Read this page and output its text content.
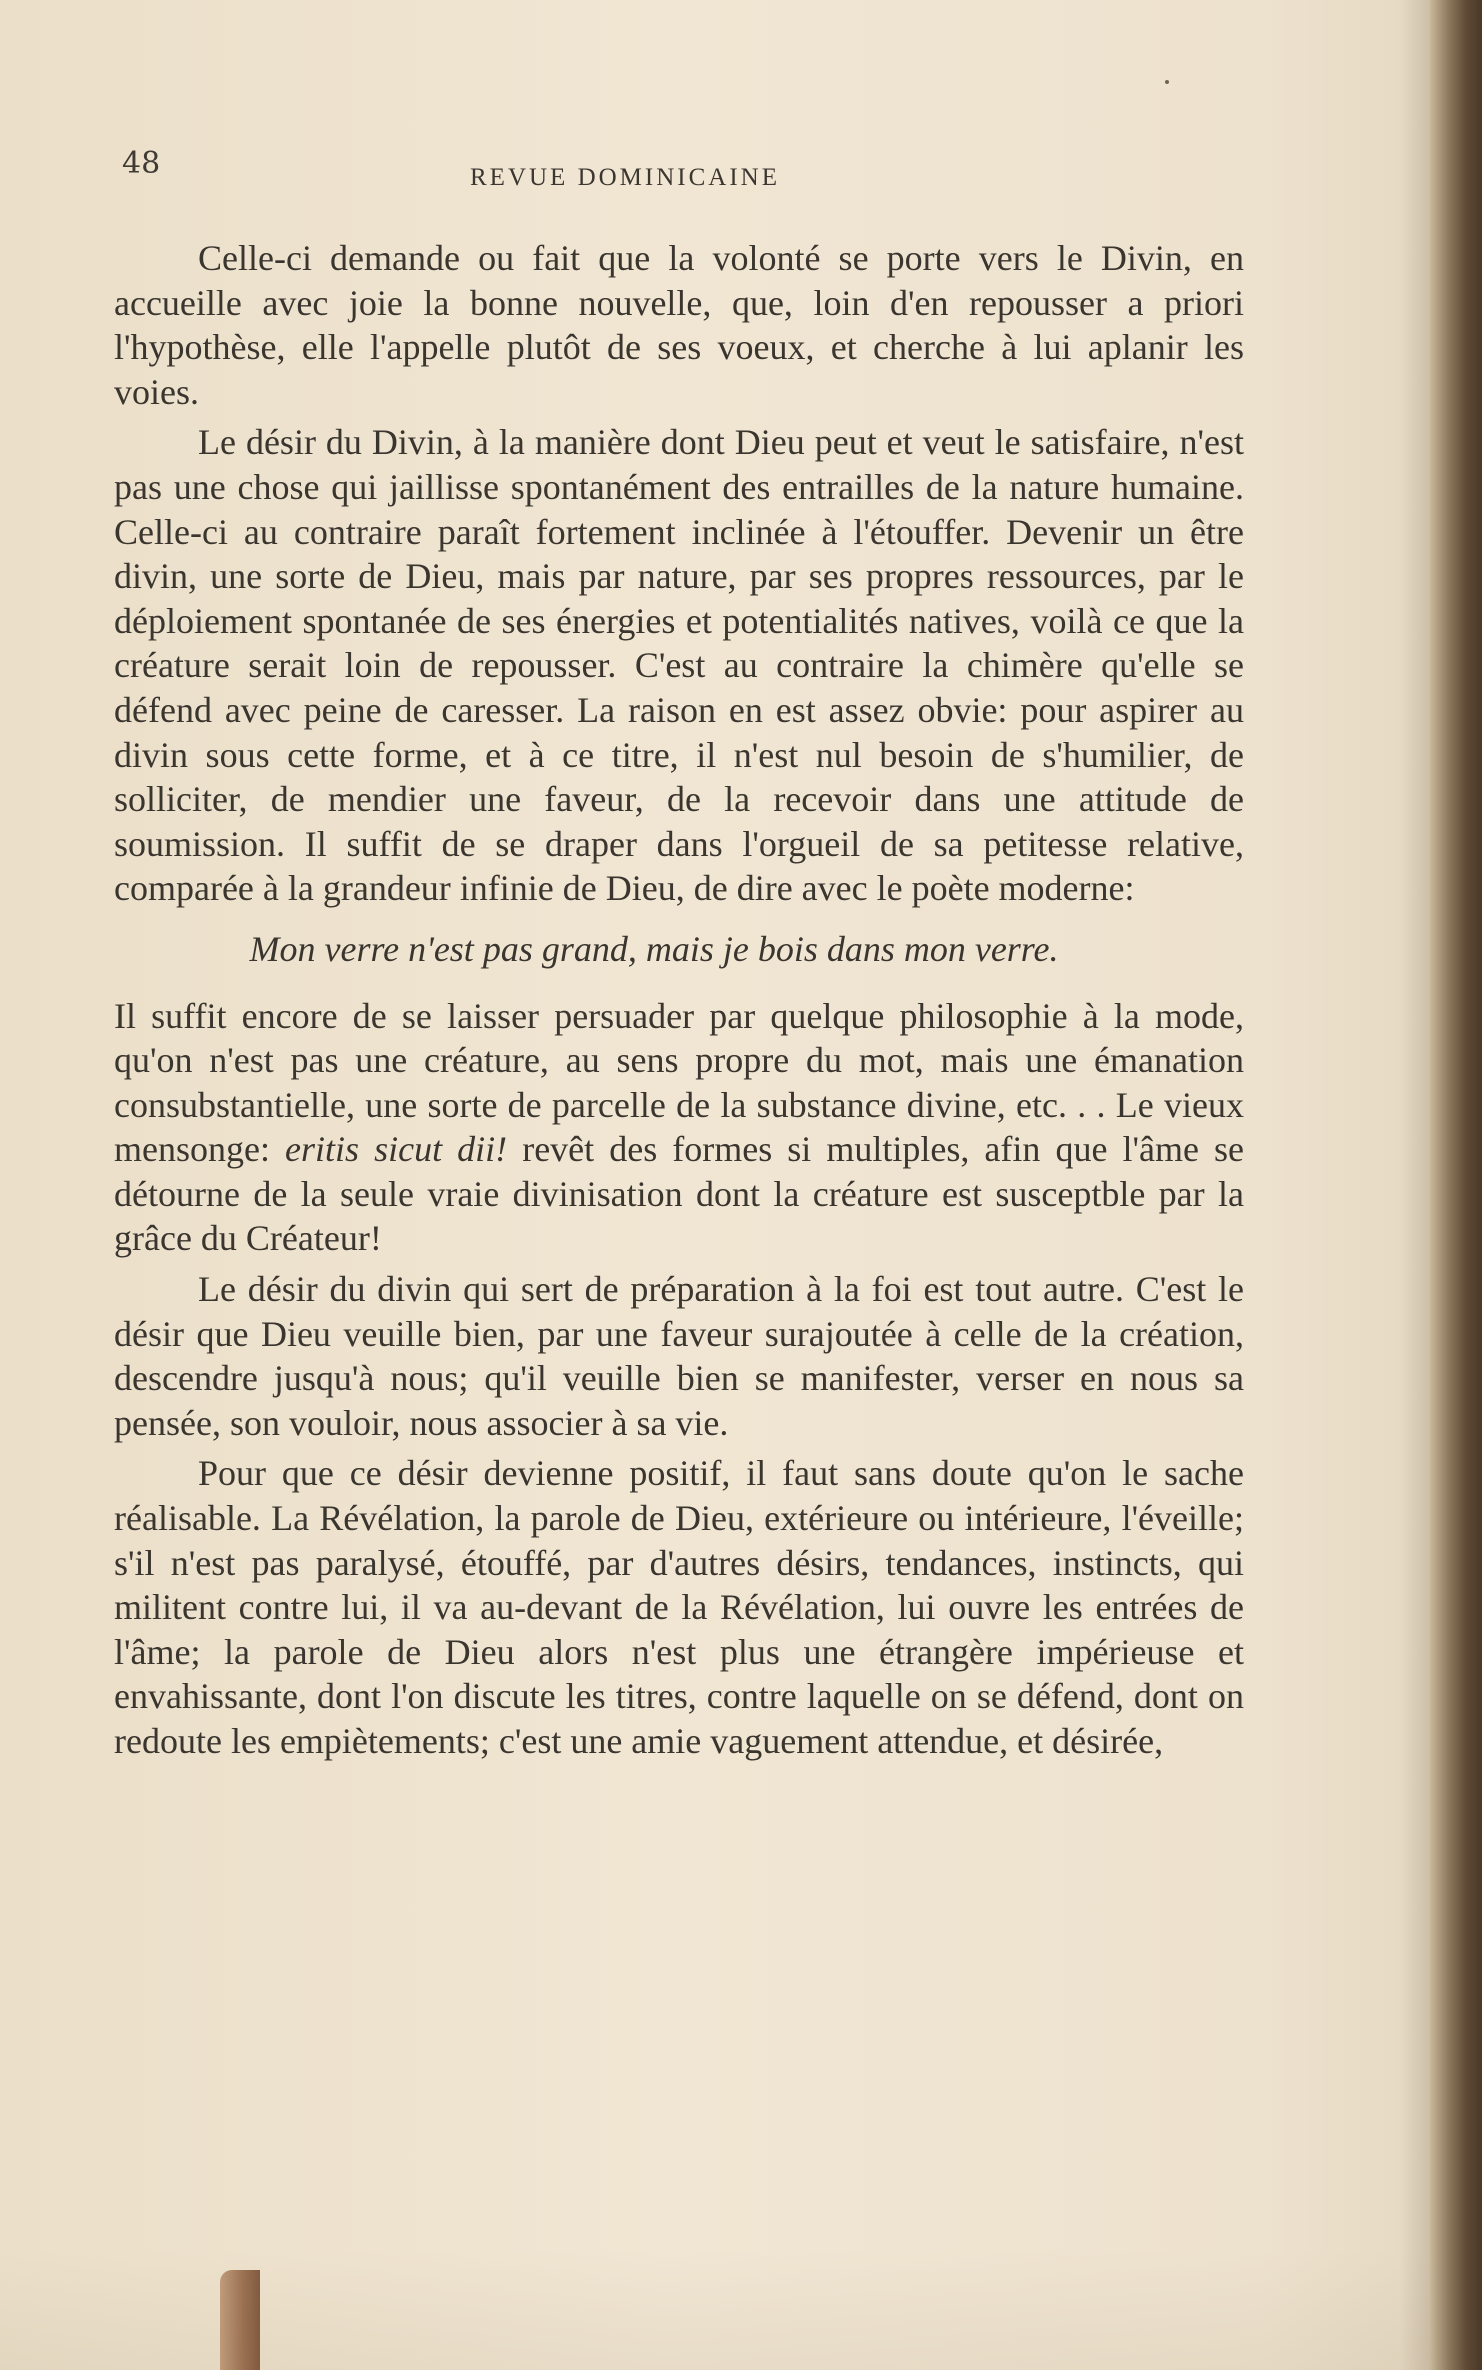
48	REVUE DOMINICAINE

Celle-ci demande ou fait que la volonté se porte vers le Divin, en accueille avec joie la bonne nouvelle, que, loin d'en repousser a priori l'hypothèse, elle l'appelle plutôt de ses voeux, et cherche à lui aplanir les voies.

Le désir du Divin, à la manière dont Dieu peut et veut le satisfaire, n'est pas une chose qui jaillisse spontanément des entrailles de la nature humaine. Celle-ci au contraire paraît fortement inclinée à l'étouffer. Devenir un être divin, une sorte de Dieu, mais par nature, par ses propres ressources, par le déploiement spontanée de ses énergies et potentialités natives, voilà ce que la créature serait loin de repousser. C'est au contraire la chimère qu'elle se défend avec peine de caresser. La raison en est assez obvie: pour aspirer au divin sous cette forme, et à ce titre, il n'est nul besoin de s'humilier, de solliciter, de mendier une faveur, de la recevoir dans une attitude de soumission. Il suffit de se draper dans l'orgueil de sa petitesse relative, comparée à la grandeur infinie de Dieu, de dire avec le poète moderne:

Mon verre n'est pas grand, mais je bois dans mon verre.

Il suffit encore de se laisser persuader par quelque philosophie à la mode, qu'on n'est pas une créature, au sens propre du mot, mais une émanation consubstantielle, une sorte de parcelle de la substance divine, etc. . . Le vieux mensonge: eritis sicut dii! revêt des formes si multiples, afin que l'âme se détourne de la seule vraie divinisation dont la créature est susceptble par la grâce du Créateur!

Le désir du divin qui sert de préparation à la foi est tout autre. C'est le désir que Dieu veuille bien, par une faveur surajoutée à celle de la création, descendre jusqu'à nous; qu'il veuille bien se manifester, verser en nous sa pensée, son vouloir, nous associer à sa vie.

Pour que ce désir devienne positif, il faut sans doute qu'on le sache réalisable. La Révélation, la parole de Dieu, extérieure ou intérieure, l'éveille; s'il n'est pas paralysé, étouffé, par d'autres désirs, tendances, instincts, qui militent contre lui, il va au-devant de la Révélation, lui ouvre les entrées de l'âme; la parole de Dieu alors n'est plus une étrangère impérieuse et envahissante, dont l'on discute les titres, contre laquelle on se défend, dont on redoute les empiètements; c'est une amie vaguement attendue, et désirée,
